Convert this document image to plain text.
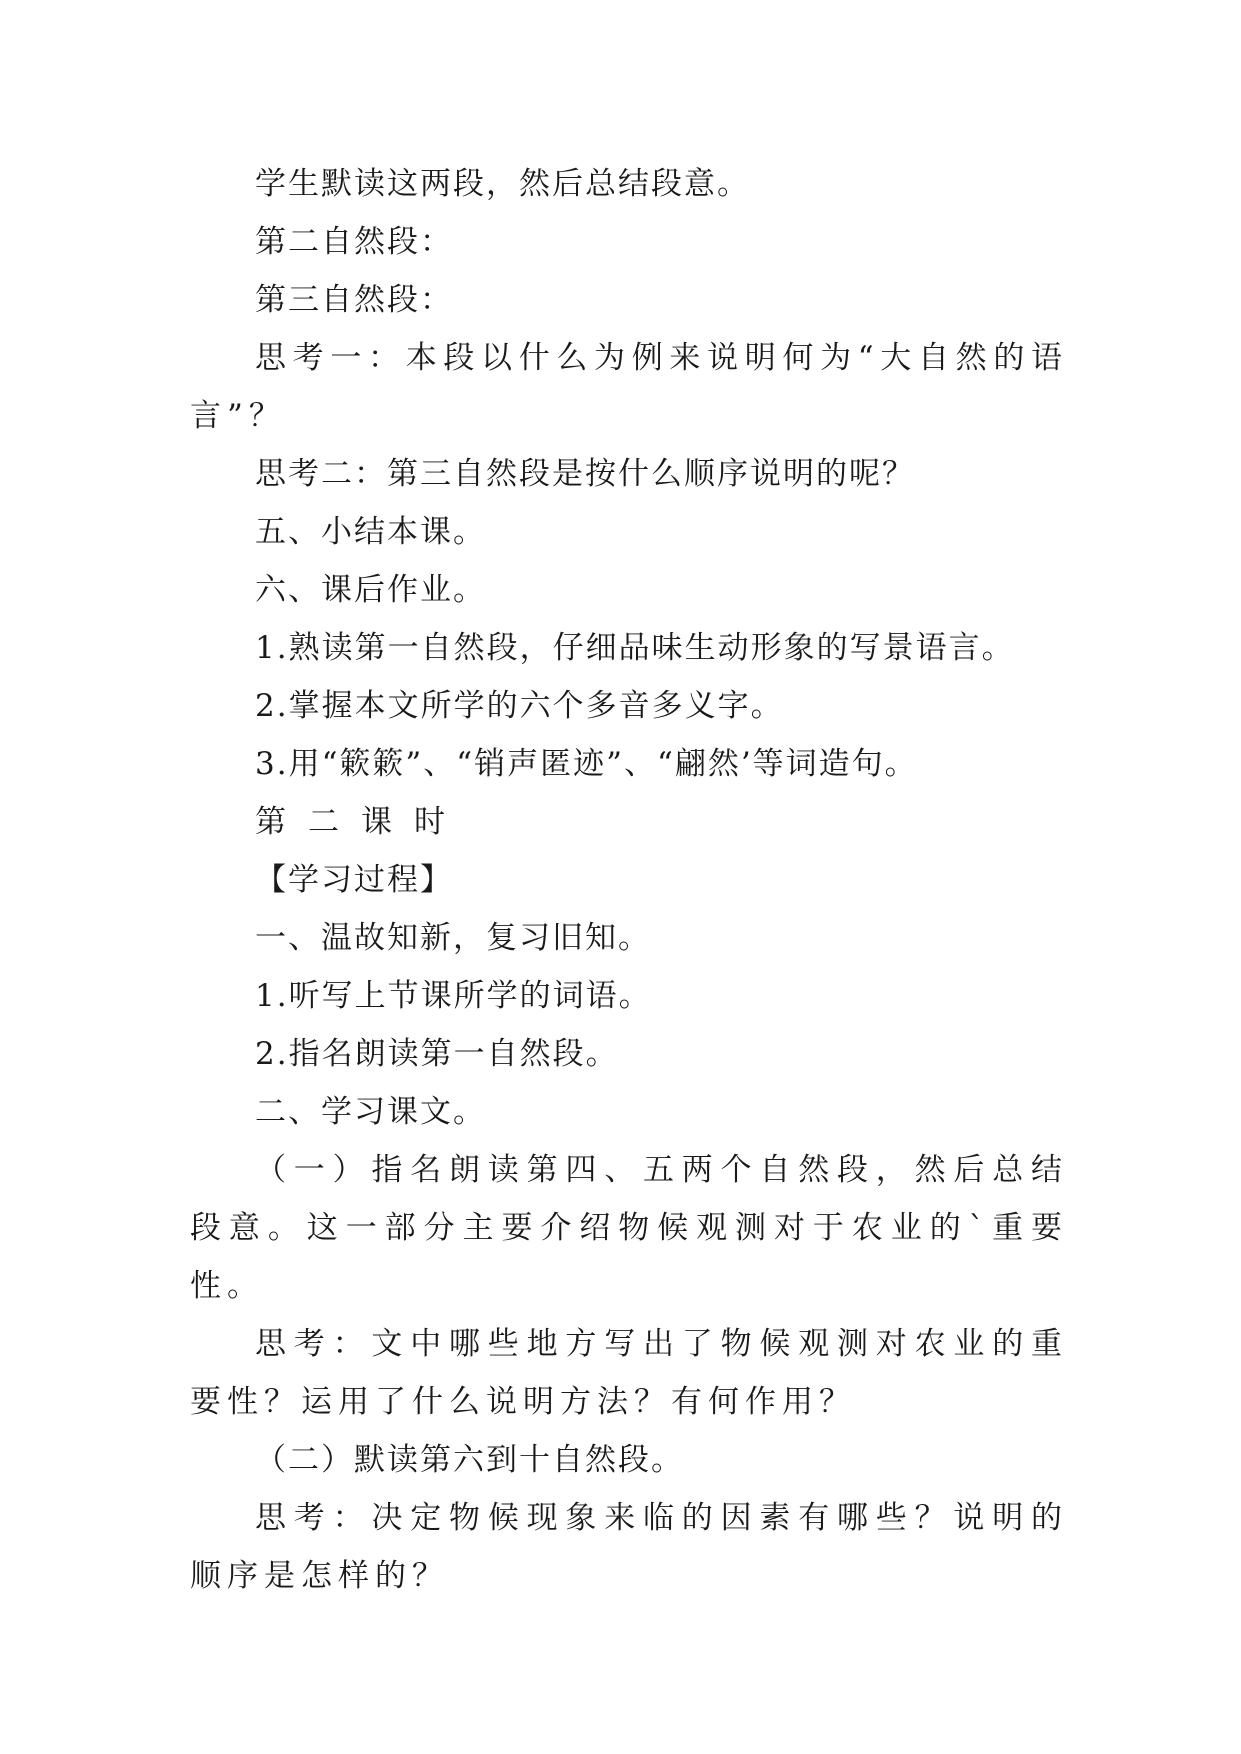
学生默读这两段，然后总结段意。

第二自然段：

第三自然段：

思考一：本段以什么为例来说明何为“大自然的语言”？

思考二：第三自然段是按什么顺序说明的呢？

五、小结本课。

六、课后作业。

1.熟读第一自然段，仔细品味生动形象的写景语言。

2.掌握本文所学的六个多音多义字。

3.用“簌簌”、“销声匿迹”、“翩然’等词造句。

第二课时

【学习过程】

一、温故知新，复习旧知。

1.听写上节课所学的词语。

2.指名朗读第一自然段。

二、学习课文。

（一）指名朗读第四、五两个自然段，然后总结段意。这一部分主要介绍物候观测对于农业的`重要性。

思考：文中哪些地方写出了物候观测对农业的重要性？运用了什么说明方法？有何作用？

（二）默读第六到十自然段。

思考：决定物候现象来临的因素有哪些？说明的顺序是怎样的？
